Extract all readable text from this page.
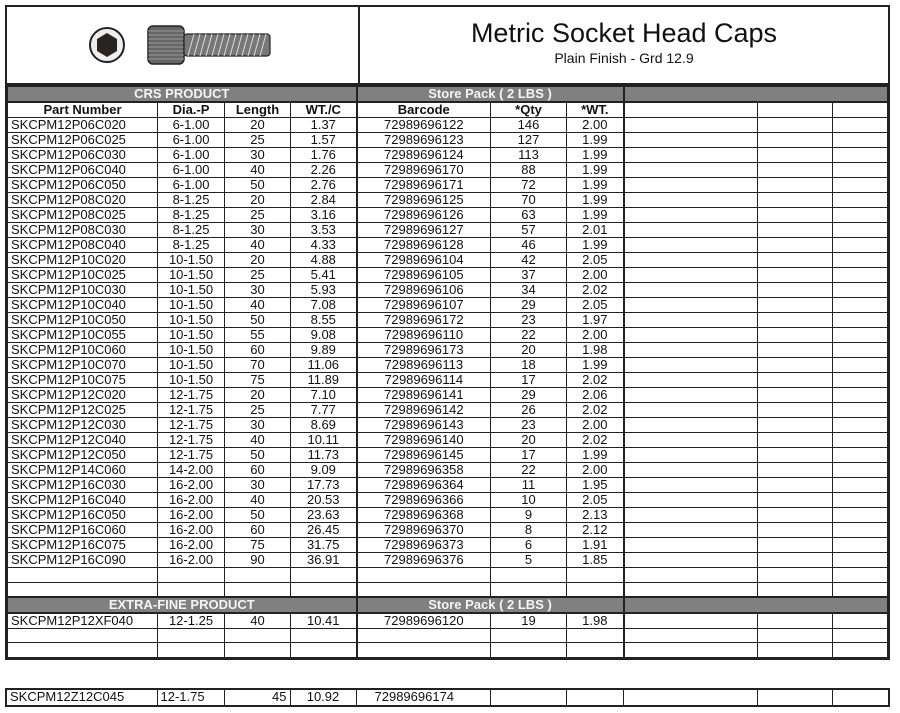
Metric Socket Head Caps
Plain Finish - Grd 12.9
CRS PRODUCT				Store Pack ( 2 LBS )					
Part Number	Dia.-P	Length	WT./C	Barcode	*Qty	*WT.			
SKCPM12P06C020	6-1.00	20	1.37	72989696122	146	2.00			
SKCPM12P06C025	6-1.00	25	1.57	72989696123	127	1.99			
SKCPM12P06C030	6-1.00	30	1.76	72989696124	113	1.99			
SKCPM12P06C040	6-1.00	40	2.26	72989696170	88	1.99			
SKCPM12P06C050	6-1.00	50	2.76	72989696171	72	1.99			
SKCPM12P08C020	8-1.25	20	2.84	72989696125	70	1.99			
SKCPM12P08C025	8-1.25	25	3.16	72989696126	63	1.99			
SKCPM12P08C030	8-1.25	30	3.53	72989696127	57	2.01			
SKCPM12P08C040	8-1.25	40	4.33	72989696128	46	1.99			
SKCPM12P10C020	10-1.50	20	4.88	72989696104	42	2.05			
SKCPM12P10C025	10-1.50	25	5.41	72989696105	37	2.00			
SKCPM12P10C030	10-1.50	30	5.93	72989696106	34	2.02			
SKCPM12P10C040	10-1.50	40	7.08	72989696107	29	2.05			
SKCPM12P10C050	10-1.50	50	8.55	72989696172	23	1.97			
SKCPM12P10C055	10-1.50	55	9.08	72989696110	22	2.00			
SKCPM12P10C060	10-1.50	60	9.89	72989696173	20	1.98			
SKCPM12P10C070	10-1.50	70	11.06	72989696113	18	1.99			
SKCPM12P10C075	10-1.50	75	11.89	72989696114	17	2.02			
SKCPM12P12C020	12-1.75	20	7.10	72989696141	29	2.06			
SKCPM12P12C025	12-1.75	25	7.77	72989696142	26	2.02			
SKCPM12P12C030	12-1.75	30	8.69	72989696143	23	2.00			
SKCPM12P12C040	12-1.75	40	10.11	72989696140	20	2.02			
SKCPM12P12C050	12-1.75	50	11.73	72989696145	17	1.99			
SKCPM12P14C060	14-2.00	60	9.09	72989696358	22	2.00			
SKCPM12P16C030	16-2.00	30	17.73	72989696364	11	1.95			
SKCPM12P16C040	16-2.00	40	20.53	72989696366	10	2.05			
SKCPM12P16C050	16-2.00	50	23.63	72989696368	9	2.13			
SKCPM12P16C060	16-2.00	60	26.45	72989696370	8	2.12			
SKCPM12P16C075	16-2.00	75	31.75	72989696373	6	1.91			
SKCPM12P16C090	16-2.00	90	36.91	72989696376	5	1.85			

EXTRA-FINE PRODUCT				Store Pack ( 2 LBS )					
SKCPM12P12XF040	12-1.25	40	10.41	72989696120	19	1.98			

SKCPM12Z12C045	12-1.75	45	10.92	72989696174					
